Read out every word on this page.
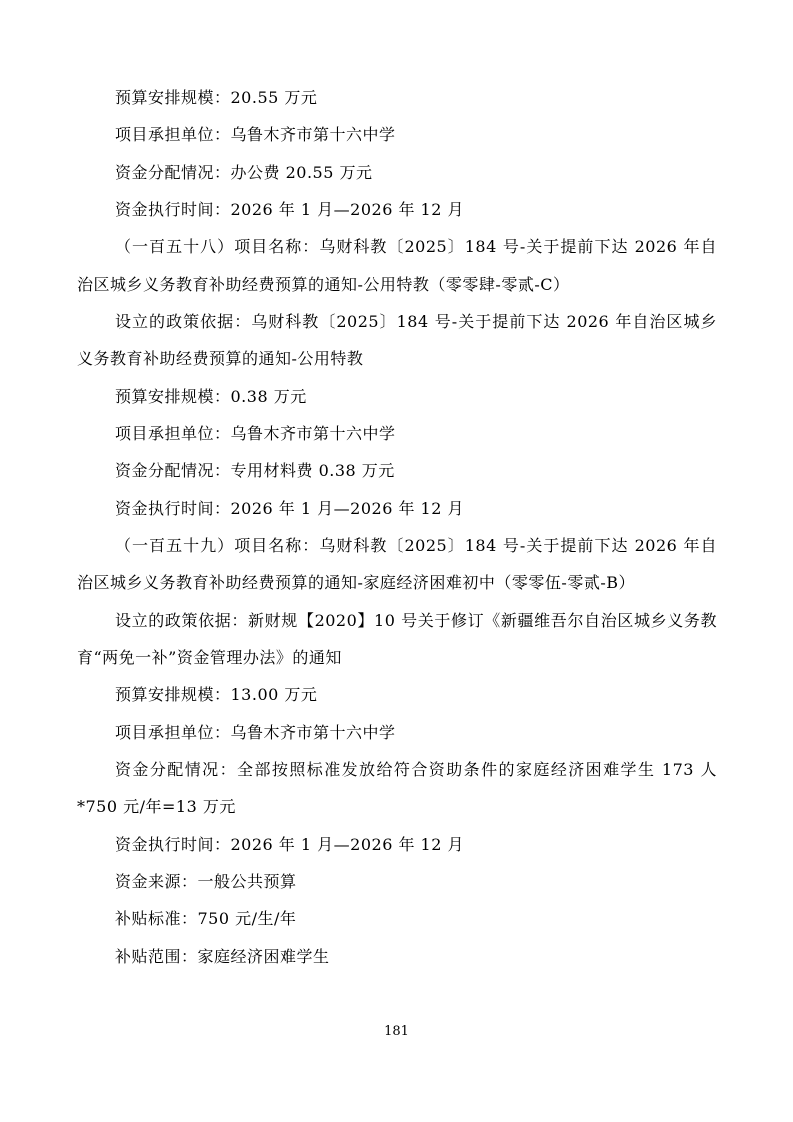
预算安排规模：20.55 万元

项目承担单位：乌鲁木齐市第十六中学

资金分配情况：办公费 20.55 万元

资金执行时间：2026 年 1 月—2026 年 12 月

（一百五十八）项目名称：乌财科教〔2025〕184 号-关于提前下达 2026 年自治区城乡义务教育补助经费预算的通知-公用特教（零零肆-零贰-C）

设立的政策依据：乌财科教〔2025〕184 号-关于提前下达 2026 年自治区城乡义务教育补助经费预算的通知-公用特教

预算安排规模：0.38 万元

项目承担单位：乌鲁木齐市第十六中学

资金分配情况：专用材料费 0.38 万元

资金执行时间：2026 年 1 月—2026 年 12 月

（一百五十九）项目名称：乌财科教〔2025〕184 号-关于提前下达 2026 年自治区城乡义务教育补助经费预算的通知-家庭经济困难初中（零零伍-零贰-B）

设立的政策依据：新财规【2020】10 号关于修订《新疆维吾尔自治区城乡义务教育“两免一补”资金管理办法》的通知

预算安排规模：13.00 万元

项目承担单位：乌鲁木齐市第十六中学

资金分配情况：全部按照标准发放给符合资助条件的家庭经济困难学生 173 人*750 元/年=13 万元

资金执行时间：2026 年 1 月—2026 年 12 月

资金来源：一般公共预算

补贴标准：750 元/生/年

补贴范围：家庭经济困难学生

181
